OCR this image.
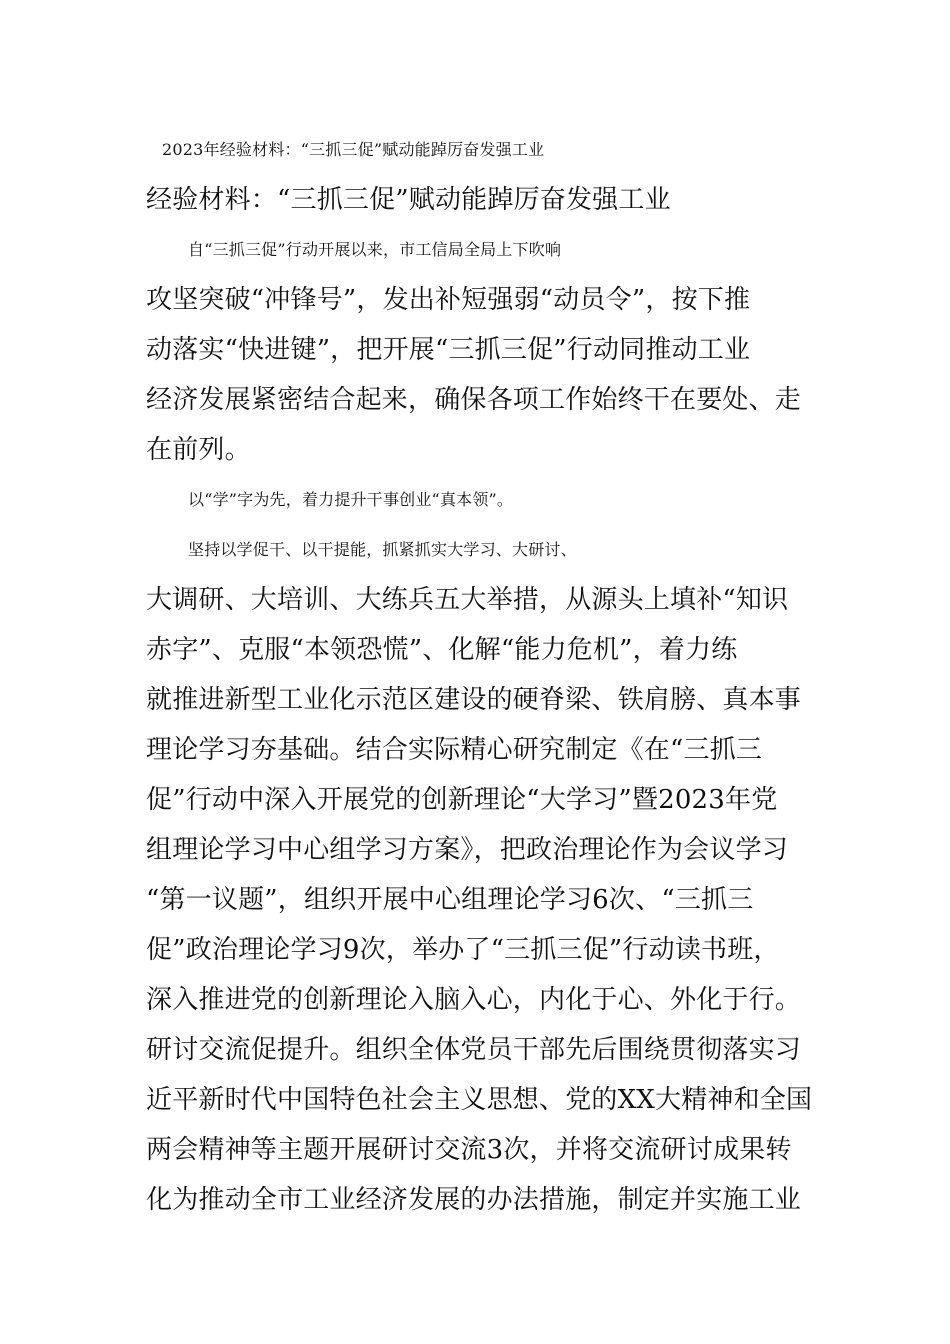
2023年经验材料：“三抓三促”赋动能踔厉奋发强工业
经验材料：“三抓三促”赋动能踔厉奋发强工业
自“三抓三促”行动开展以来，市工信局全局上下吹响
攻坚突破“冲锋号”，发出补短强弱“动员令”，按下推
动落实“快进键”，把开展“三抓三促”行动同推动工业
经济发展紧密结合起来，确保各项工作始终干在要处、走
在前列。
以“学”字为先，着力提升干事创业“真本领”。
坚持以学促干、以干提能，抓紧抓实大学习、大研讨、
大调研、大培训、大练兵五大举措，从源头上填补“知识
赤字”、克服“本领恐慌”、化解“能力危机”，着力练
就推进新型工业化示范区建设的硬脊梁、铁肩膀、真本事
理论学习夯基础。结合实际精心研究制定《在“三抓三
促”行动中深入开展党的创新理论“大学习”暨2023年党
组理论学习中心组学习方案》，把政治理论作为会议学习
“第一议题”，组织开展中心组理论学习6次、“三抓三
促”政治理论学习9次，举办了“三抓三促”行动读书班，
深入推进党的创新理论入脑入心，内化于心、外化于行。
研讨交流促提升。组织全体党员干部先后围绕贯彻落实习
近平新时代中国特色社会主义思想、党的XX大精神和全国
两会精神等主题开展研讨交流3次，并将交流研讨成果转
化为推动全市工业经济发展的办法措施，制定并实施工业
